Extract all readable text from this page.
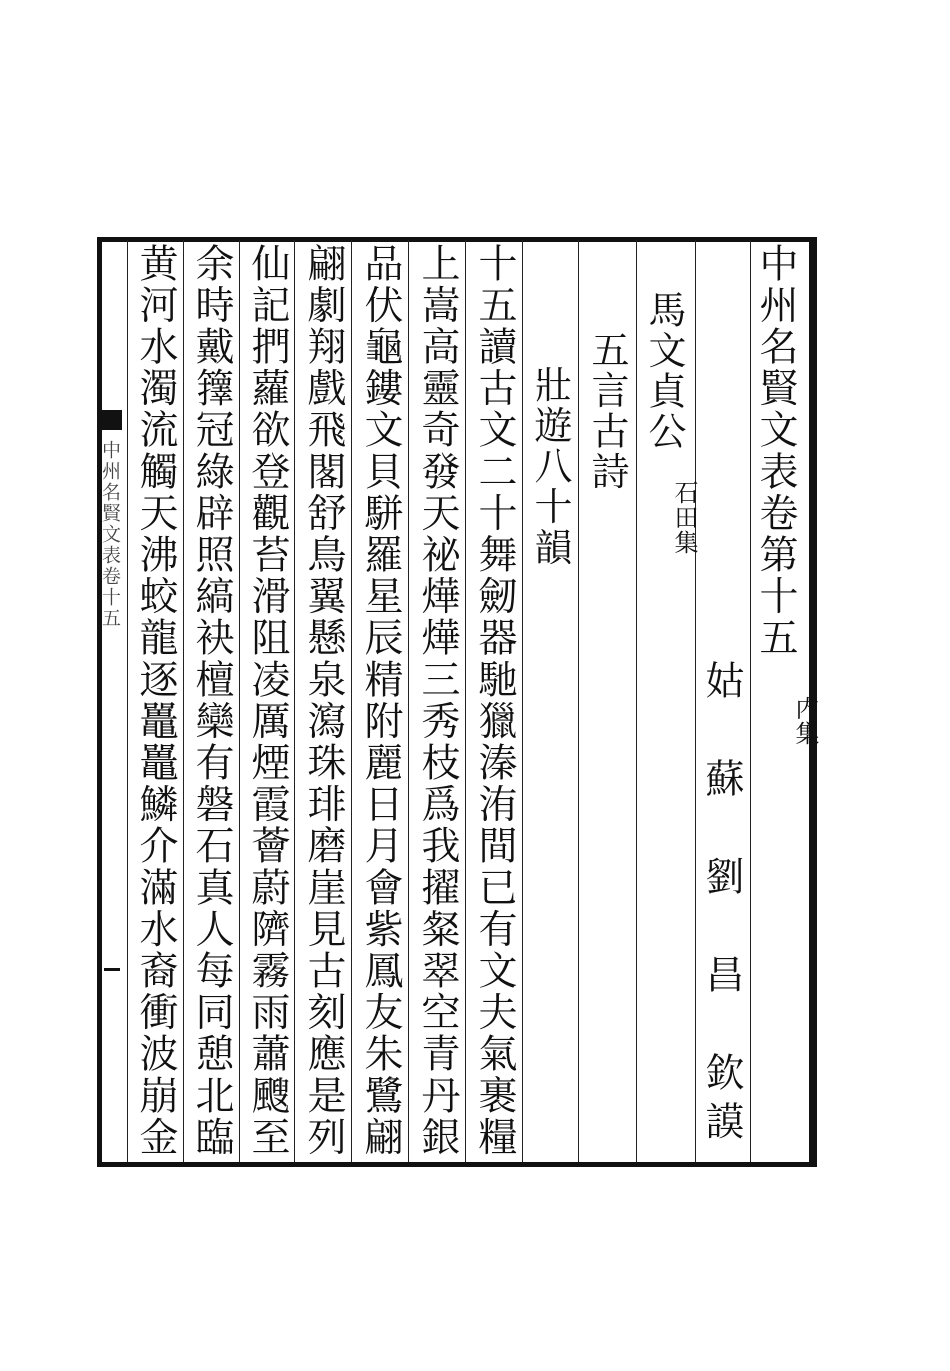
中州名賢文表卷十五	中州名賢文表卷第十五
内集
姑　蘇　劉　昌　欽謨
馬文貞公
石田集
五言古詩
壯遊八十韻
十五讀古文二十舞劒器馳獵溱洧間已有文夫氣裹糧
上嵩高靈奇發天祕燁燁三秀枝爲我擢粲翠空青丹銀
品伏龜鏤文貝駢羅星辰精附麗日月會紫鳳友朱鷺翩
翩劇翔戲飛閣舒鳥翼懸泉瀉珠琲磨崖見古刻應是列
仙記捫蘿欲登觀苔滑阻凌厲煙霞薈蔚隮霧雨蕭颼至
余時戴籜冠綠辟照縞袂檀欒有磐石真人每同憩北臨
黄河水濁流觸天沸蛟龍逐鼉鼉鱗介滿水裔衝波崩金
